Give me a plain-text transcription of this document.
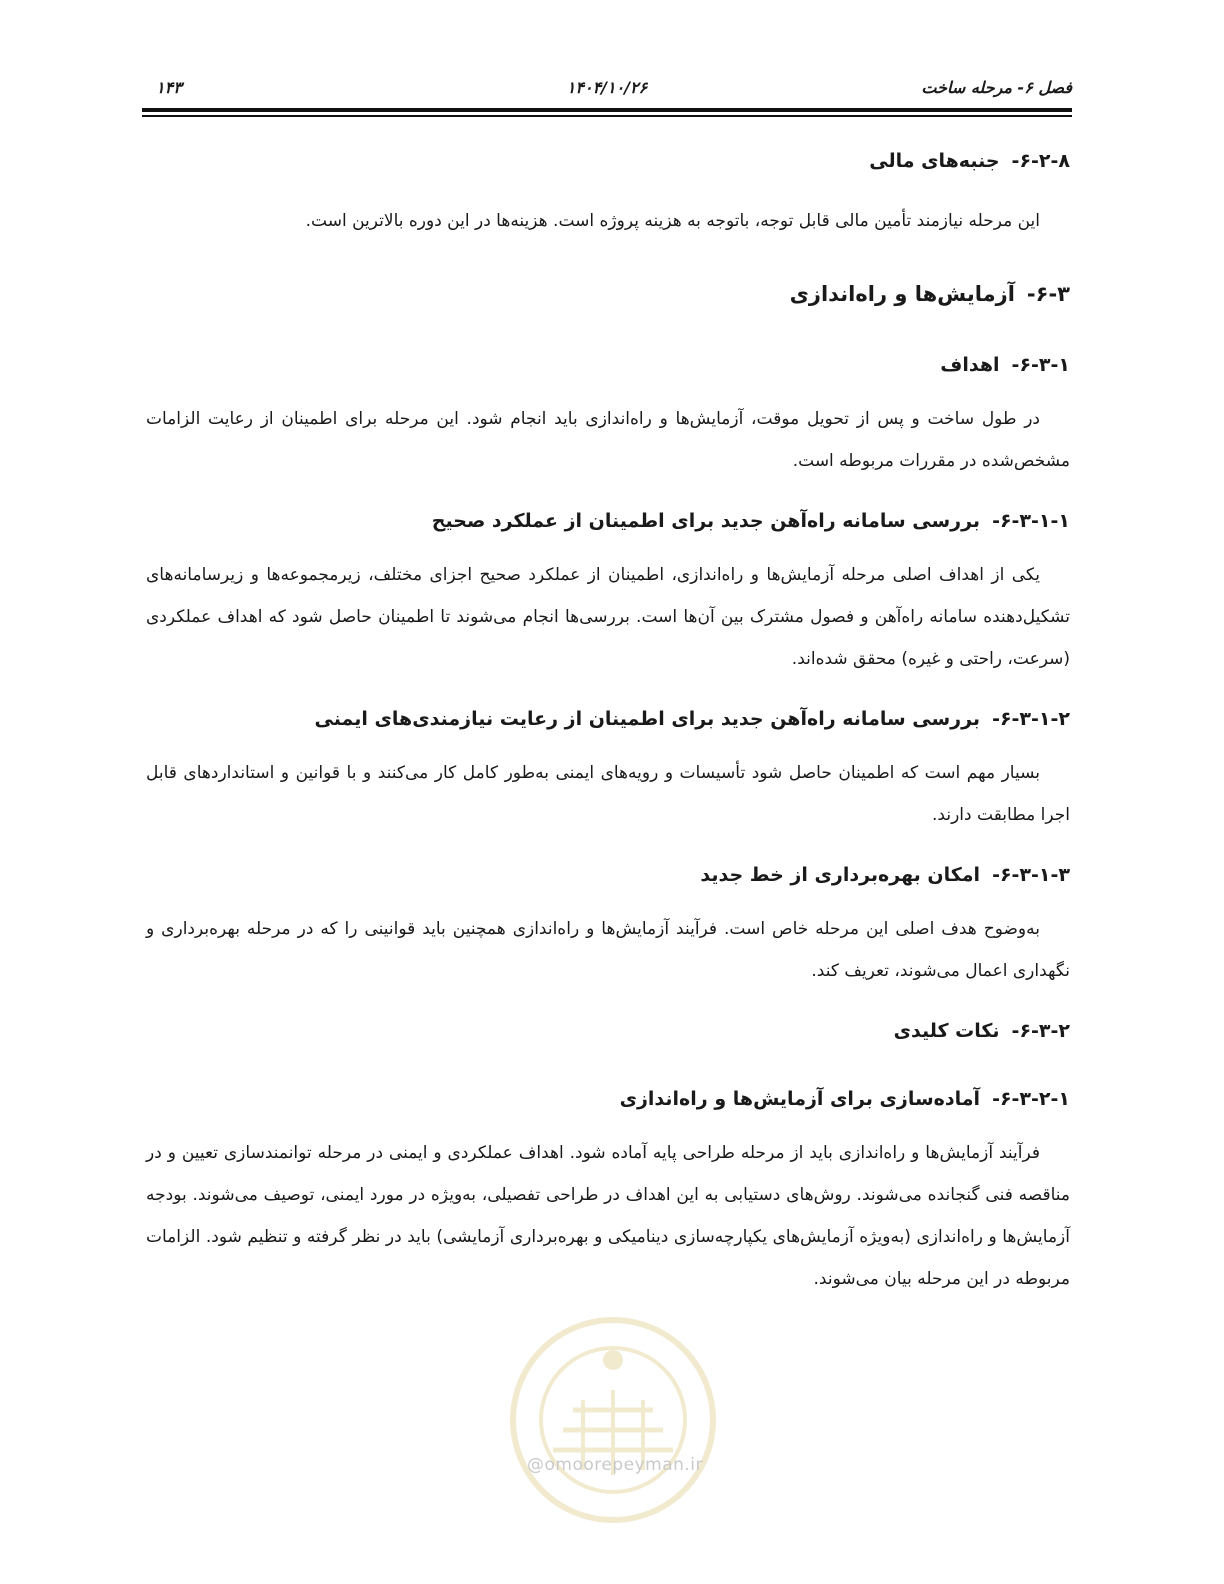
فصل ۶- مرحله ساخت
۱۴۰۴/۱۰/۲۶
۱۴۳
۶-۲-۸-جنبه‌های مالی
این مرحله نیازمند تأمین مالی قابل توجه، باتوجه به هزینه پروژه است. هزینه‌ها در این دوره بالاترین است.
۶-۳-آزمایش‌ها و راه‌اندازی
۶-۳-۱-اهداف
در طول ساخت و پس از تحویل موقت، آزمایش‌ها و راه‌اندازی باید انجام شود. این مرحله برای اطمینان از رعایت الزامات مشخص‌شده در مقررات مربوطه است.
۶-۳-۱-۱-بررسی سامانه راه‌آهن جدید برای اطمینان از عملکرد صحیح
یکی از اهداف اصلی مرحله آزمایش‌ها و راه‌اندازی، اطمینان از عملکرد صحیح اجزای مختلف، زیرمجموعه‌ها و زیرسامانه‌های تشکیل‌دهنده سامانه راه‌آهن و فصول مشترک بین آن‌ها است. بررسی‌ها انجام می‌شوند تا اطمینان حاصل شود که اهداف عملکردی (سرعت، راحتی و غیره) محقق شده‌اند.
۶-۳-۱-۲-بررسی سامانه راه‌آهن جدید برای اطمینان از رعایت نیازمندی‌های ایمنی
بسیار مهم است که اطمینان حاصل شود تأسیسات و رویه‌های ایمنی به‌طور کامل کار می‌کنند و با قوانین و استانداردهای قابل اجرا مطابقت دارند.
۶-۳-۱-۳-امکان بهره‌برداری از خط جدید
به‌وضوح هدف اصلی این مرحله خاص است. فرآیند آزمایش‌ها و راه‌اندازی همچنین باید قوانینی را که در مرحله بهره‌برداری و نگهداری اعمال می‌شوند، تعریف کند.
۶-۳-۲-نکات کلیدی
۶-۳-۲-۱-آماده‌سازی برای آزمایش‌ها و راه‌اندازی
فرآیند آزمایش‌ها و راه‌اندازی باید از مرحله طراحی پایه آماده شود. اهداف عملکردی و ایمنی در مرحله توانمندسازی تعیین و در مناقصه فنی گنجانده می‌شوند. روش‌های دستیابی به این اهداف در طراحی تفصیلی، به‌ویژه در مورد ایمنی، توصیف می‌شوند. بودجه آزمایش‌ها و راه‌اندازی (به‌ویژه آزمایش‌های یکپارچه‌سازی دینامیکی و بهره‌برداری آزمایشی) باید در نظر گرفته و تنظیم شود. الزامات مربوطه در این مرحله بیان می‌شوند.
@omoorepeyman.ir
